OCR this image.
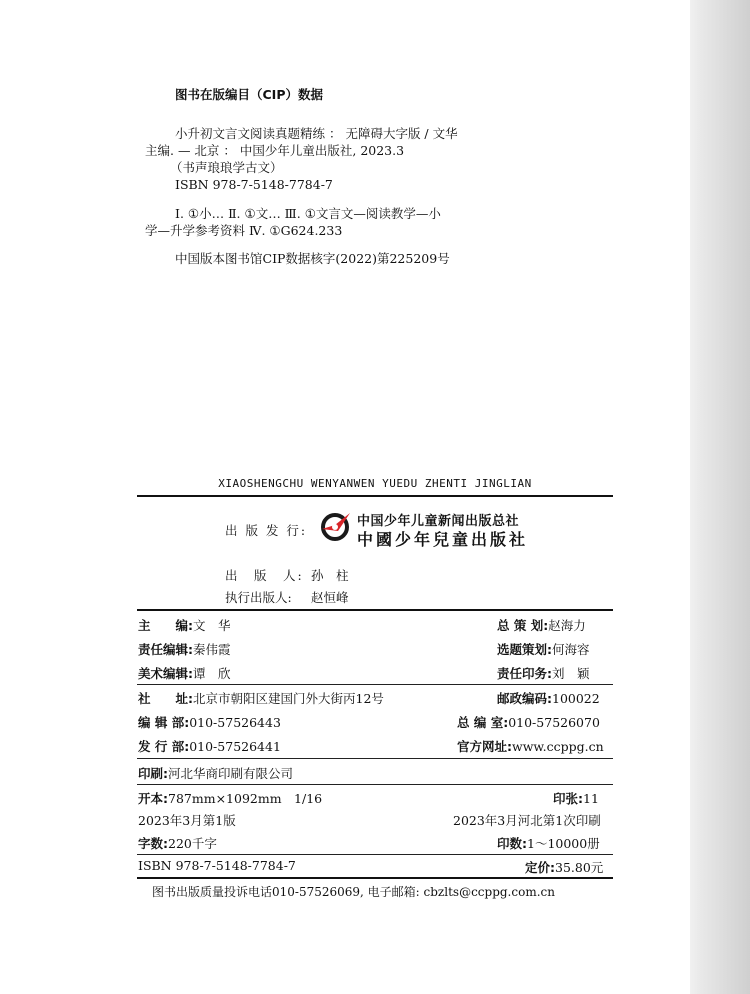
图书在版编目（CIP）数据
小升初文言文阅读真题精练 ： 无障碍大字版 / 文华
主编. — 北京 ： 中国少年儿童出版社, 2023.3
（书声琅琅学古文）
ISBN 978-7-5148-7784-7
Ⅰ. ①小… Ⅱ. ①文… Ⅲ. ①文言文—阅读教学—小
学—升学参考资料 Ⅳ. ①G624.233
中国版本图书馆CIP数据核字(2022)第225209号
XIAOSHENGCHU WENYANWEN YUEDU ZHENTI JINGLIAN
出 版 发 行:
中国少年儿童新闻出版总社
中國少年兒童出版社
出　版　人: 孙　柱
执行出版人: 赵恒峰
主　　编:文　华	总 策 划:赵海力
责任编辑:秦伟霞	选题策划:何海容
美术编辑:谭　欣	责任印务:刘　颖
社　　址:北京市朝阳区建国门外大街丙12号	邮政编码:100022
编 辑 部:010-57526443	总 编 室:010-57526070
发 行 部:010-57526441	官方网址:www.ccppg.cn
印刷:河北华商印刷有限公司
开本:787mm×1092mm　1/16	印张:11
2023年3月第1版	2023年3月河北第1次印刷
字数:220千字	印数:1～10000册
ISBN 978-7-5148-7784-7	定价:35.80元
图书出版质量投诉电话010-57526069, 电子邮箱: cbzlts@ccppg.com.cn
